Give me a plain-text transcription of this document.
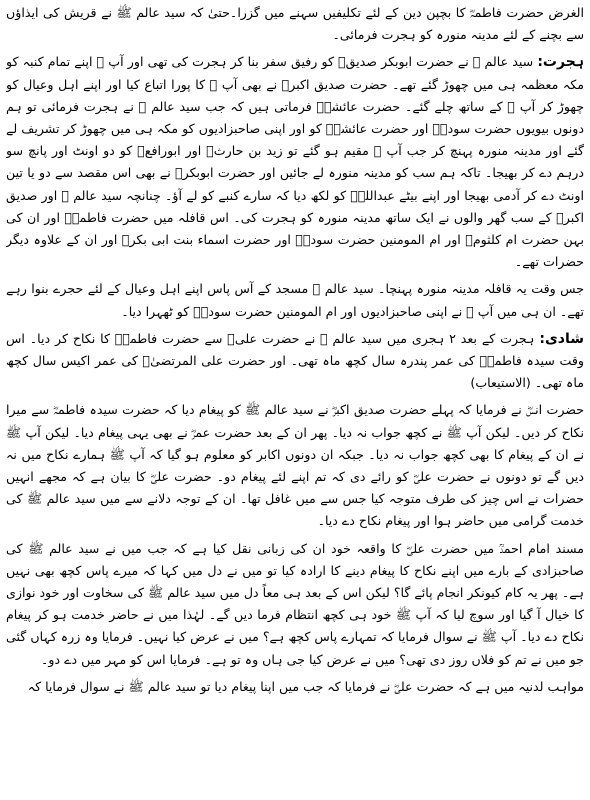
الغرض حضرت فاطمہؓ کا بچپن دین کے لئے تکلیفیں سہنے میں گزرا۔حتیٰ کہ سید عالم ﷺ نے قریش کی ایذاؤں سے بچنے کے لئے مدینہ منورہ کو ہجرت فرمائی۔

ہجرت: سید عالم ﷺ نے حضرت ابوبکر صدیقؓ کو رفیق سفر بنا کر ہجرت کی تھی اور آپ ﷺ اپنے تمام کنبہ کو مکہ معظمہ ہی میں چھوڑ گئے تھے۔ حضرت صدیق اکبرؓ نے بھی آپ ﷺ کا پورا اتباع کیا اور اپنے اہل وعیال کو چھوڑ کر آپ ﷺ کے ساتھ چلے گئے۔ حضرت عائشہؓ فرماتی ہیں کہ جب سید عالم ﷺ نے ہجرت فرمائی تو ہم دونوں بیویوں حضرت سودہؓ اور حضرت عائشہؓ کو اور اپنی صاحبزادیوں کو مکہ ہی میں چھوڑ کر تشریف لے گئے اور مدینہ منورہ پہنچ کر جب آپ ﷺ مقیم ہو گئے تو زید بن حارثؓ اور ابورافعؓ کو دو اونٹ اور پانچ سو درہم دے کر بھیجا۔ تاکہ ہم سب کو مدینہ منورہ لے جائیں اور حضرت ابوبکرؓ نے بھی اس مقصد سے دو یا تین اونٹ دے کر آدمی بھیجا اور اپنے بیٹے عبداللہؓ کو لکھ دیا کہ سارے کنبے کو لے آؤ۔ چنانچہ سید عالم ﷺ اور صدیق اکبرؓ کے سب گھر والوں نے ایک ساتھ مدینہ منورہ کو ہجرت کی۔ اس قافلہ میں حضرت فاطمہؓ اور ان کی بہن حضرت ام کلثومؓ اور ام المومنین حضرت سودہؓ اور حضرت اسماء بنت ابی بکرؓ اور ان کے علاوہ دیگر حضرات تھے۔

جس وقت یہ قافلہ مدینہ منورہ پہنچا۔ سید عالم ﷺ مسجد کے آس پاس اپنے اہل وعیال کے لئے حجرے بنوا رہے تھے۔ ان ہی میں آپ ﷺ نے اپنی صاحبزادیوں اور ام المومنین حضرت سودہؓ کو ٹھہرا دیا۔

شادی: ہجرت کے بعد ۲ ہجری میں سید عالم ﷺ نے حضرت علیؓ سے حضرت فاطمہؓ کا نکاح کر دیا۔ اس وقت سیدہ فاطمہؓ کی عمر پندرہ سال کچھ ماہ تھی۔ اور حضرت علی المرتضیٰؓ کی عمر اکیس سال کچھ ماہ تھی۔ (الاستیعاب)

حضرت انسؓ نے فرمایا کہ پہلے حضرت صدیق اکبرؓ نے سید عالم ﷺ کو پیغام دیا کہ حضرت سیدہ فاطمہؓ سے میرا نکاح کر دیں۔ لیکن آپ ﷺ نے کچھ جواب نہ دیا۔ پھر ان کے بعد حضرت عمرؓ نے بھی یہی پیغام دیا۔ لیکن آپ ﷺ نے ان کے پیغام کا بھی کچھ جواب نہ دیا۔ جبکہ ان دونوں اکابر کو معلوم ہو گیا کہ آپ ﷺ ہمارے نکاح میں نہ دیں گے تو دونوں نے حضرت علیؓ کو رائے دی کہ تم اپنے لئے پیغام دو۔ حضرت علیؓ کا بیان ہے کہ مجھے انہیں حضرات نے اس چیز کی طرف متوجہ کیا جس سے میں غافل تھا۔ ان کے توجہ دلانے سے میں سید عالم ﷺ کی خدمت گرامی میں حاضر ہوا اور پیغام نکاح دے دیا۔

مسند امام احمدؒ میں حضرت علیؓ کا واقعہ خود ان کی زبانی نقل کیا ہے کہ جب میں نے سید عالم ﷺ کی صاحبزادی کے بارے میں اپنے نکاح کا پیغام دینے کا ارادہ کیا تو میں نے دل میں کہا کہ میرے پاس کچھ بھی نہیں ہے۔ پھر یہ کام کیونکر انجام پائے گا؟ لیکن اس کے بعد ہی معاً دل میں سید عالم ﷺ کی سخاوت اور خود نوازی کا خیال آ گیا اور سوچ لیا کہ آپ ﷺ خود ہی کچھ انتظام فرما دیں گے۔ لہٰذا میں نے حاضر خدمت ہو کر پیغام نکاح دے دیا۔ آپ ﷺ نے سوال فرمایا کہ تمہارے پاس کچھ ہے؟ میں نے عرض کیا نہیں۔ فرمایا وہ زرہ کہاں گئی جو میں نے تم کو فلاں روز دی تھی؟ میں نے عرض کیا جی ہاں وہ تو ہے۔ فرمایا اس کو مہر میں دے دو۔

مواہب لدنیہ میں ہے کہ حضرت علیؓ نے فرمایا کہ جب میں اپنا پیغام دیا تو سید عالم ﷺ نے سوال فرمایا کہ
